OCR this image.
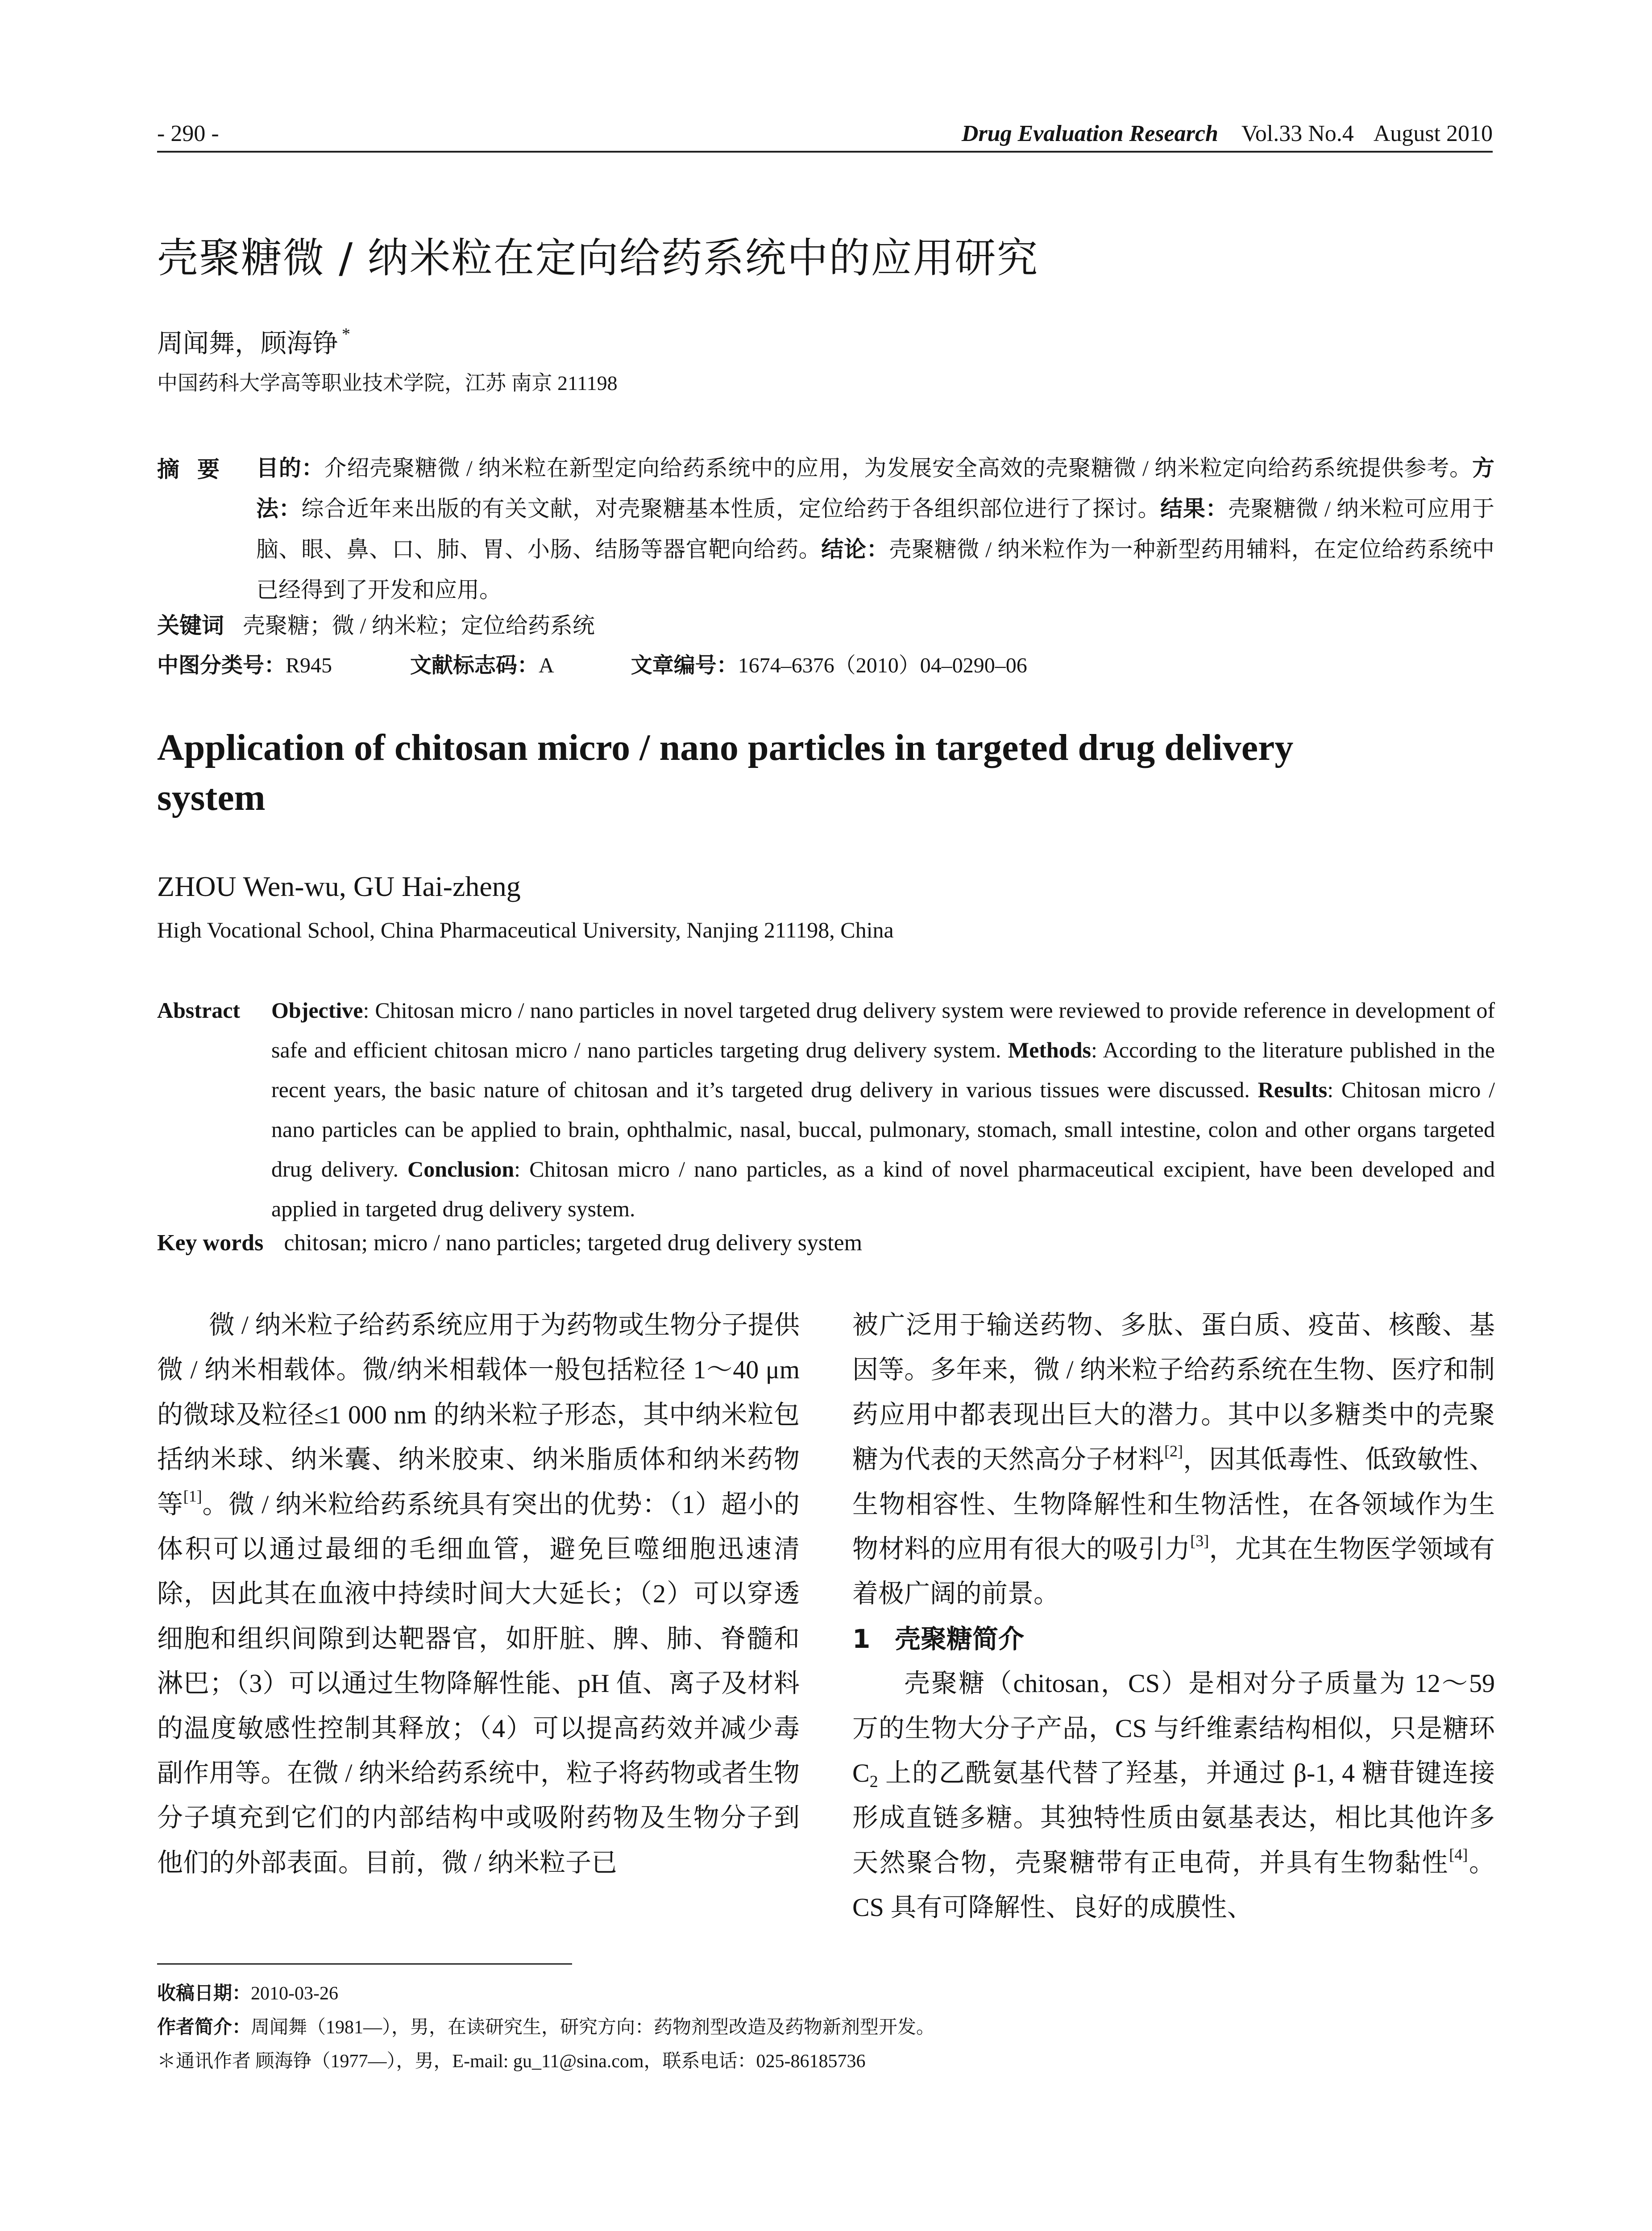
- 290 -	Drug Evaluation Research Vol.33 No.4 August 2010
壳聚糖微 / 纳米粒在定向给药系统中的应用研究
周闻舞，顾海铮 *
中国药科大学高等职业技术学院，江苏 南京 211198
摘要 目的：介绍壳聚糖微 / 纳米粒在新型定向给药系统中的应用，为发展安全高效的壳聚糖微 / 纳米粒定向给药系统提供参考。方法：综合近年来出版的有关文献，对壳聚糖基本性质，定位给药于各组织部位进行了探讨。结果：壳聚糖微 / 纳米粒可应用于脑、眼、鼻、口、肺、胃、小肠、结肠等器官靶向给药。结论：壳聚糖微 / 纳米粒作为一种新型药用辅料，在定位给药系统中已经得到了开发和应用。
关键词 壳聚糖；微 / 纳米粒；定位给药系统
中图分类号：R945	文献标志码：A	文章编号：1674–6376（2010）04–0290–06
Application of chitosan micro / nano particles in targeted drug delivery system
ZHOU Wen-wu, GU Hai-zheng
High Vocational School, China Pharmaceutical University, Nanjing 211198, China
Abstract Objective: Chitosan micro / nano particles in novel targeted drug delivery system were reviewed to provide reference in development of safe and efficient chitosan micro / nano particles targeting drug delivery system. Methods: According to the literature published in the recent years, the basic nature of chitosan and it’s targeted drug delivery in various tissues were discussed. Results: Chitosan micro / nano particles can be applied to brain, ophthalmic, nasal, buccal, pulmonary, stomach, small intestine, colon and other organs targeted drug delivery. Conclusion: Chitosan micro / nano particles, as a kind of novel pharmaceutical excipient, have been developed and applied in targeted drug delivery system.
Key words chitosan; micro / nano particles; targeted drug delivery system

微 / 纳米粒子给药系统应用于为药物或生物分子提供微 / 纳米相载体。微/纳米相载体一般包括粒径 1～40 μm 的微球及粒径≤1 000 nm 的纳米粒子形态，其中纳米粒包括纳米球、纳米囊、纳米胶束、纳米脂质体和纳米药物等[1]。微 / 纳米粒给药系统具有突出的优势：（1）超小的体积可以通过最细的毛细血管，避免巨噬细胞迅速清除，因此其在血液中持续时间大大延长；（2）可以穿透细胞和组织间隙到达靶器官，如肝脏、脾、肺、脊髓和淋巴；（3）可以通过生物降解性能、pH 值、离子及材料的温度敏感性控制其释放；（4）可以提高药效并减少毒副作用等。在微 / 纳米给药系统中，粒子将药物或者生物分子填充到它们的内部结构中或吸附药物及生物分子到他们的外部表面。目前，微 / 纳米粒子已

被广泛用于输送药物、多肽、蛋白质、疫苗、核酸、基因等。多年来，微 / 纳米粒子给药系统在生物、医疗和制药应用中都表现出巨大的潜力。其中以多糖类中的壳聚糖为代表的天然高分子材料[2]，因其低毒性、低致敏性、生物相容性、生物降解性和生物活性，在各领域作为生物材料的应用有很大的吸引力[3]，尤其在生物医学领域有着极广阔的前景。

1 壳聚糖简介

壳聚糖（chitosan，CS）是相对分子质量为 12～59 万的生物大分子产品，CS 与纤维素结构相似，只是糖环 $C_2$ 上的乙酰氨基代替了羟基，并通过 β-1, 4 糖苷键连接形成直链多糖。其独特性质由氨基表达，相比其他许多天然聚合物，壳聚糖带有正电荷，并具有生物黏性[4]。CS 具有可降解性、良好的成膜性、

收稿日期：2010-03-26
作者简介：周闻舞（1981—），男，在读研究生，研究方向：药物剂型改造及药物新剂型开发。
＊通讯作者 顾海铮（1977—），男，E-mail: gu_11@sina.com，联系电话：025-86185736
